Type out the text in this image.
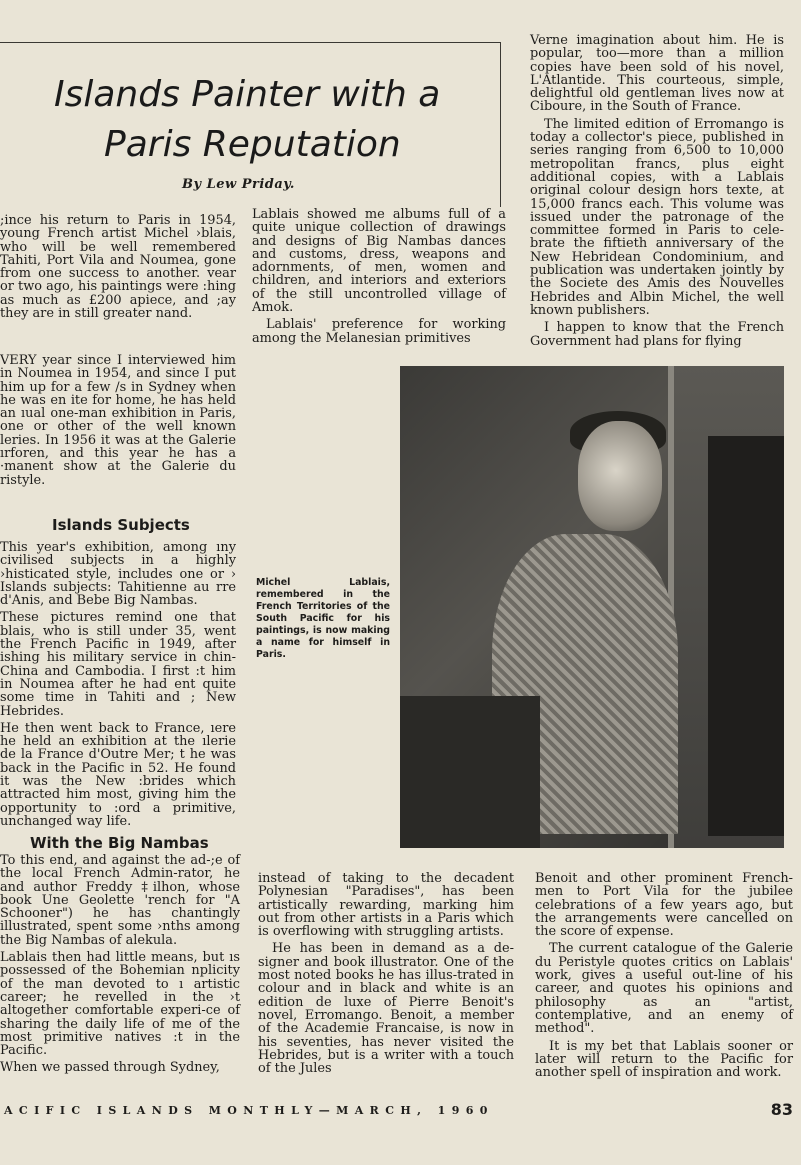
Islands Painter with a
Paris Reputation
By Lew Priday.

;ince his return to Paris in 1954, young French artist Michel ›blais, who will be well remembered Tahiti, Port Vila and Noumea, gone from one success to another. vear or two ago, his paintings were :hing as much as £200 apiece, and ;ay they are in still greater nand.

VERY year since I interviewed him in Noumea in 1954, and since I put him up for a few /s in Sydney when he was en ite for home, he has held an ıual one-man exhibition in Paris, one or other of the well known leries. In 1956 it was at the Galerie ırforen, and this year he has a ·manent show at the Galerie du ristyle.

Islands Subjects

This year's exhibition, among ıny civilised subjects in a highly ›histicated style, includes one or › Islands subjects: Tahitienne au rre d'Anis, and Bebe Big Nambas.

These pictures remind one that blais, who is still under 35, went the French Pacific in 1949, after ishing his military service in chin-China and Cambodia. I first :t him in Noumea after he had ent quite some time in Tahiti and ; New Hebrides.

He then went back to France, ıere he held an exhibition at the ılerie de la France d'Outre Mer; t he was back in the Pacific in 52. He found it was the New :brides which attracted him most, giving him the opportunity to :ord a primitive, unchanged way life.

With the Big Nambas

To this end, and against the ad-;e of the local French Admin-rator, he and author Freddy ‡ilhon, whose book Une Geolette 'rench for "A Schooner") he has chantingly illustrated, spent some ›nths among the Big Nambas of alekula.

Lablais then had little means, but ıs possessed of the Bohemian nplicity of the man devoted to ı artistic career; he revelled in the ›t altogether comfortable experi-ce of sharing the daily life of me of the most primitive natives :t in the Pacific.

When we passed through Sydney,

Lablais showed me albums full of a quite unique collection of drawings and designs of Big Nambas dances and customs, dress, weapons and adornments, of men, women and children, and interiors and exteriors of the still uncontrolled village of Amok.

Lablais' preference for working among the Melanesian primitives

Verne imagination about him. He is popular, too—more than a million copies have been sold of his novel, L'Atlantide. This courteous, simple, delightful old gentleman lives now at Ciboure, in the South of France.

The limited edition of Erromango is today a collector's piece, published in series ranging from 6,500 to 10,000 metropolitan francs, plus eight additional copies, with a Lablais original colour design hors texte, at 15,000 francs each. This volume was issued under the patronage of the committee formed in Paris to cele-brate the fiftieth anniversary of the New Hebridean Condominium, and publication was undertaken jointly by the Societe des Amis des Nouvelles Hebrides and Albin Michel, the well known publishers.

I happen to know that the French Government had plans for flying

Michel Lablais, remembered in the French Territories of the South Pacific for his paintings, is now making a name for himself in Paris.

instead of taking to the decadent Polynesian "Paradises", has been artistically rewarding, marking him out from other artists in a Paris which is overflowing with struggling artists.

He has been in demand as a de-signer and book illustrator. One of the most noted books he has illus-trated in colour and in black and white is an edition de luxe of Pierre Benoit's novel, Erromango. Benoit, a member of the Academie Francaise, is now in his seventies, has never visited the Hebrides, but is a writer with a touch of the Jules

Benoit and other prominent French-men to Port Vila for the jubilee celebrations of a few years ago, but the arrangements were cancelled on the score of expense.

The current catalogue of the Galerie du Peristyle quotes critics on Lablais' work, gives a useful out-line of his career, and quotes his opinions and philosophy as an "artist, contemplative, and an enemy of method".

It is my bet that Lablais sooner or later will return to the Pacific for another spell of inspiration and work.

ACIFIC ISLANDS MONTHLY—MARCH, 1960	83
